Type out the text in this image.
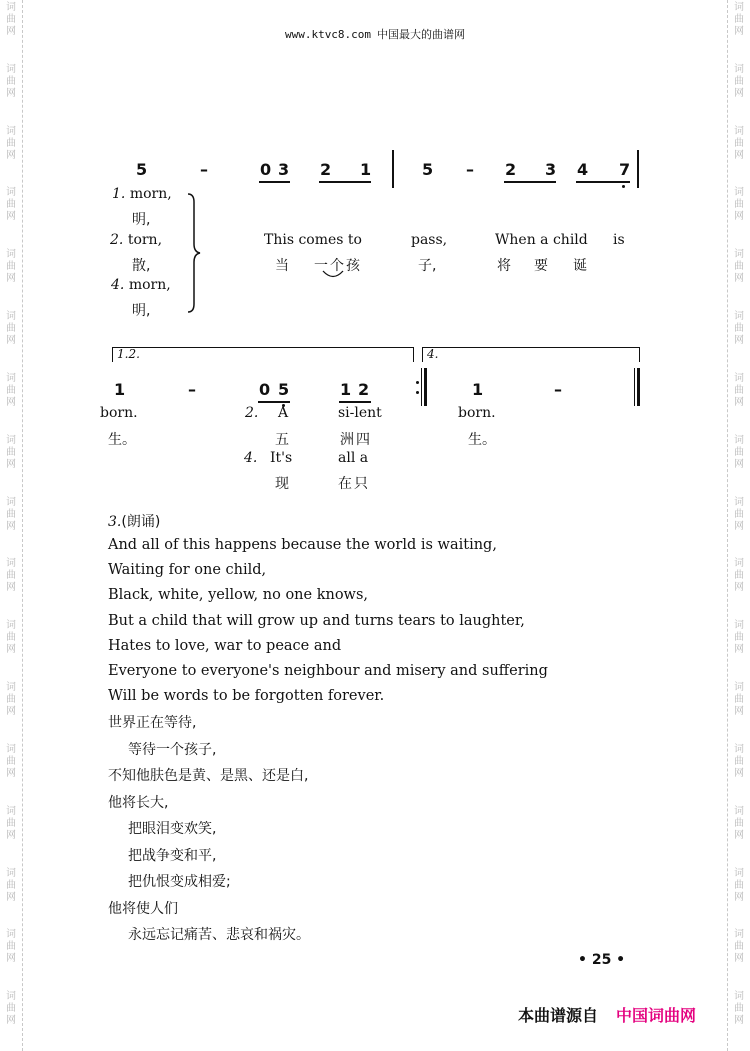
词
曲
网
词
曲
网
词
曲
网
词
曲
网
词
曲
网
词
曲
网
词
曲
网
词
曲
网
词
曲
网
词
曲
网
词
曲
网
词
曲
网
词
曲
网
词
曲
网
词
曲
网
词
曲
网
词
曲
网
词
曲
网
词
曲
网
词
曲
网
词
曲
网
词
曲
网
词
曲
网
词
曲
网
词
曲
网
词
曲
网
词
曲
网
词
曲
网
词
曲
网
词
曲
网
词
曲
网
词
曲
网
词
曲
网
词
曲
网
www.ktvc8.com 中国最大的曲谱网
5	–	0 3 2 1	5 – 2 3 4 7
1. morn,
明,
2. torn,
散,
4. morn,
明,
This comes to	pass,	When a child is
当 一个孩	子,	将 要 诞
1.2.	4.
1	–	0 5	1 2	1	–
born.
生。
2. A	si-lent
五	洲四
4. It's	all a
现	在只
born.
生。
3.(朗诵)
And all of this happens because the world is waiting,
Waiting for one child,
Black, white, yellow, no one knows,
But a child that will grow up and turns tears to laughter,
Hates to love, war to peace and
Everyone to everyone's neighbour and misery and suffering
Will be words to be forgotten forever.
世界正在等待,
等待一个孩子,
不知他肤色是黄、是黑、还是白,
他将长大,
把眼泪变欢笑,
把战争变和平,
把仇恨变成相爱;
他将使人们
永远忘记痛苦、悲哀和祸灾。
• 25 •
本曲谱源自 中国词曲网
